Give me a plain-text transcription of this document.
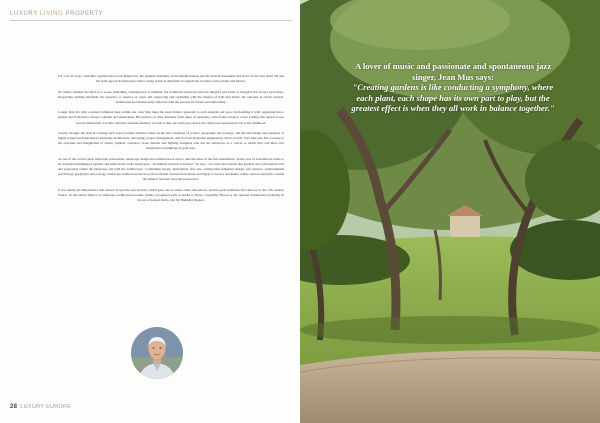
LUXURY LIVING PROPERTY

For over 30 years, Jean Mus' gardens have been inspired by the tangible sensuality of the Mediterranean and the ancient mountains and rivers of the land itself. He and his team approach landscapes with a strong classical discipline as regards the location, native plants and history.

No matter whether the brief is to create something contemporary or minimal, the traditional landscape that has integrity and looks as though it has always been there. Respecting existing landform, the presence or absence of water and conserving and replanting with the balance of light and shade; the outcome is always natural, understated and intentionally endowed with the passion for nature and embroidery.

Longer than life with a natural calmness deep within one, Jean Mus takes the most distinct approach to each element and space in moulding it with vegetation into a pattern and form that is always coherent and understated. His desire is to draw harmony from tones of sensuality, stretch and colour to create settings that appeal across several dimensions. For this client the essential memory of scent is that one with eyes closed, the client was transported back to his childhood.

Clearly, though, the skill in creating such visual verdant richness relies on the strict bearings of science, geography and ecology, and the knowledge and expertise of highly trained professionals in landscape architecture, surveying, project management, and civil and hydraulic engineering. Since scratch, Jean Mus also has recourse to the expertise and imagination of artists, painters, sculptors, stone masons and lighting designers who use the landscape as a canvas to which they add their own imaginative sprinklings of gold dust.

As one of the world's most important professions, landscape design and architecture is said to date the ideas of the first monuments. In the case of Jean Mus he tends to be considered thinking of gardens and parks in the wider landscapes. "As humble servants to feature," he says, "we work most means that gardens also will nourish well and proportion within the landscape and with the architecture." Combining botany, horticulture, fine arts, architectural industrial design, soil sciences, environmental psychology, geography and ecology, landscape architecture has its roots in ancient cultures from Persia and Egypt to Greece and Rome, where central courtyards created the balance between land and perspective.

It was during the Renaissance that interest in gardens was revived, which gave rise to ornate villas and palaces, and the great traditions that ruled up to the 17th century France. In the period figures of landscape architecture became widely recognised such as André le Nôtre, Capability Brown or the reputed symmetrical formality in favour of natural forms, and Sir Humphry Repton.

28 LUXURY EUROPE

A lover of music and passionate and spontaneous jazz singer, Jean Mus says:

"Creating gardens is like conducting a symphony, where each plant, each shape has its own part to play, but the greatest effect is when they all work in balance together."
